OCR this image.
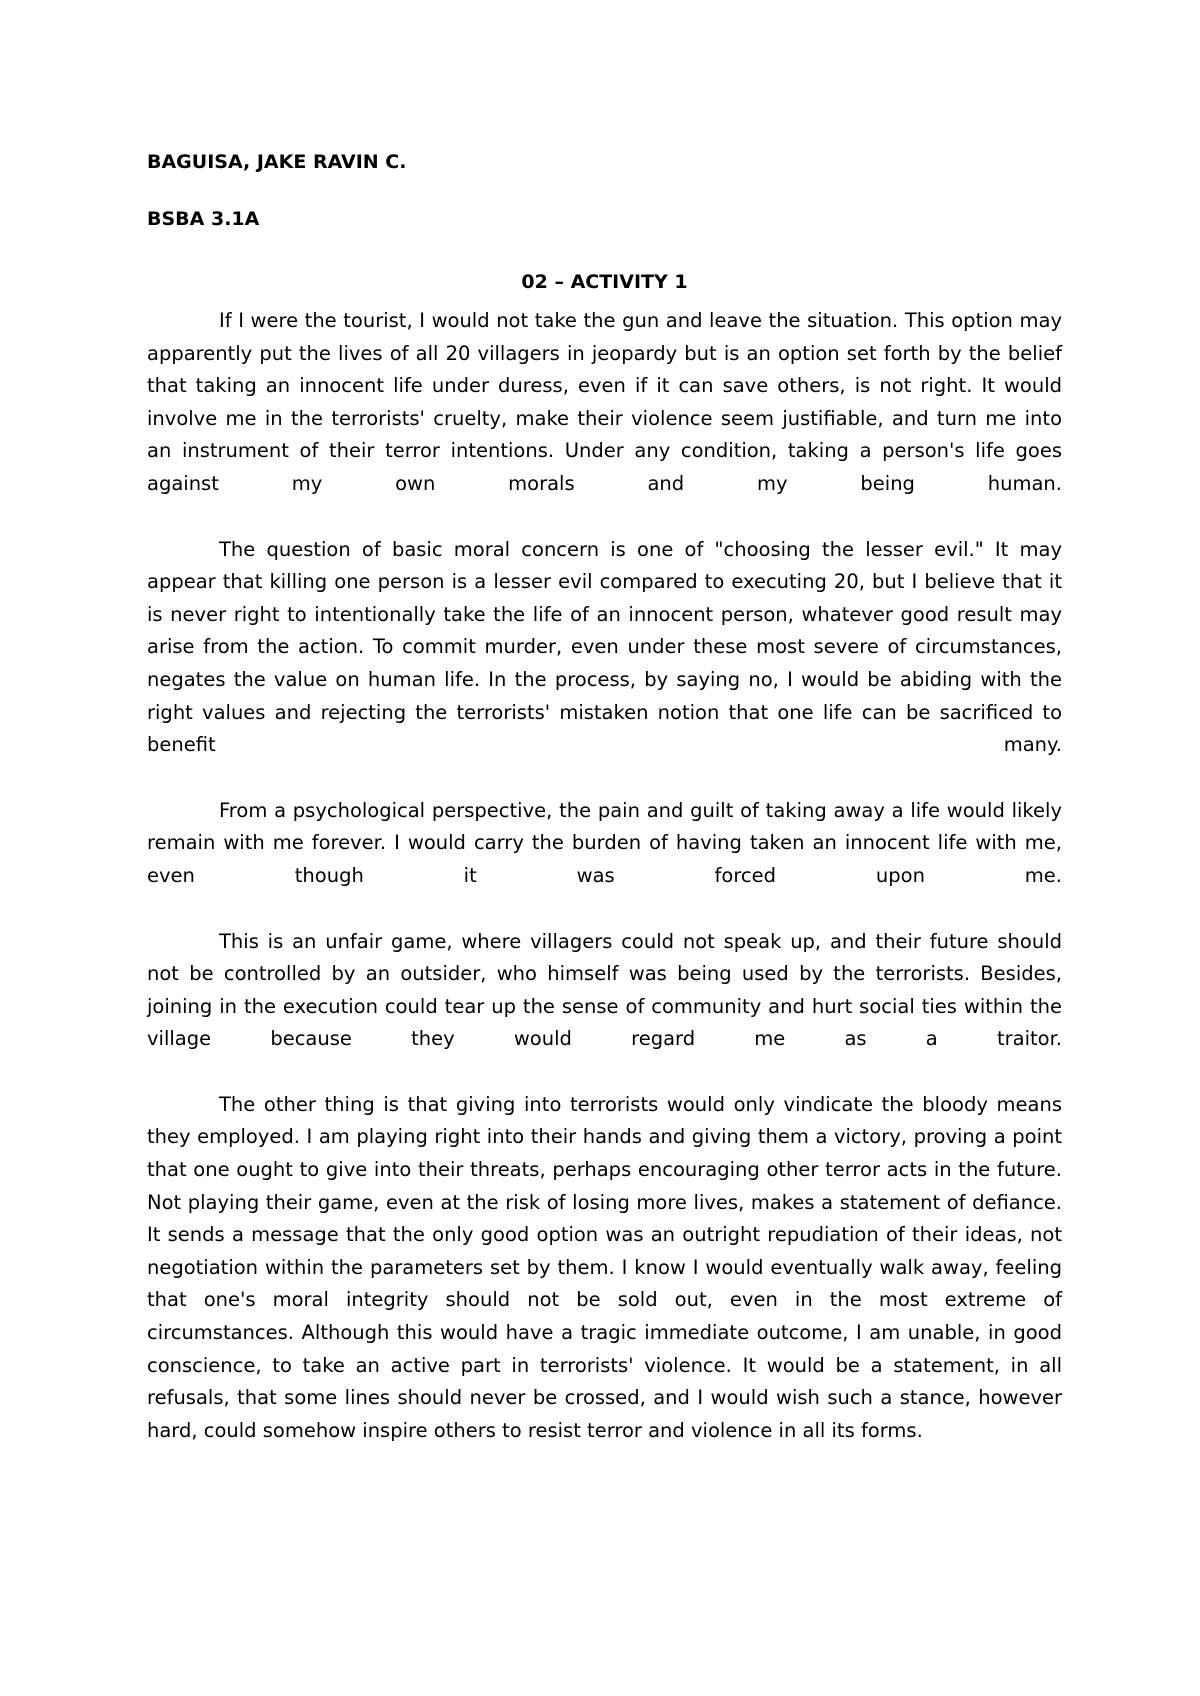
BAGUISA, JAKE RAVIN C.

BSBA 3.1A

02 – ACTIVITY 1

If I were the tourist, I would not take the gun and leave the situation. This option may apparently put the lives of all 20 villagers in jeopardy but is an option set forth by the belief that taking an innocent life under duress, even if it can save others, is not right. It would involve me in the terrorists' cruelty, make their violence seem justifiable, and turn me into an instrument of their terror intentions. Under any condition, taking a person's life goes against my own morals and my being human.

The question of basic moral concern is one of "choosing the lesser evil." It may appear that killing one person is a lesser evil compared to executing 20, but I believe that it is never right to intentionally take the life of an innocent person, whatever good result may arise from the action. To commit murder, even under these most severe of circumstances, negates the value on human life. In the process, by saying no, I would be abiding with the right values and rejecting the terrorists' mistaken notion that one life can be sacrificed to benefit many.

From a psychological perspective, the pain and guilt of taking away a life would likely remain with me forever. I would carry the burden of having taken an innocent life with me, even though it was forced upon me.

This is an unfair game, where villagers could not speak up, and their future should not be controlled by an outsider, who himself was being used by the terrorists. Besides, joining in the execution could tear up the sense of community and hurt social ties within the village because they would regard me as a traitor.

The other thing is that giving into terrorists would only vindicate the bloody means they employed. I am playing right into their hands and giving them a victory, proving a point that one ought to give into their threats, perhaps encouraging other terror acts in the future. Not playing their game, even at the risk of losing more lives, makes a statement of defiance. It sends a message that the only good option was an outright repudiation of their ideas, not negotiation within the parameters set by them. I know I would eventually walk away, feeling that one's moral integrity should not be sold out, even in the most extreme of circumstances. Although this would have a tragic immediate outcome, I am unable, in good conscience, to take an active part in terrorists' violence. It would be a statement, in all refusals, that some lines should never be crossed, and I would wish such a stance, however hard, could somehow inspire others to resist terror and violence in all its forms.
